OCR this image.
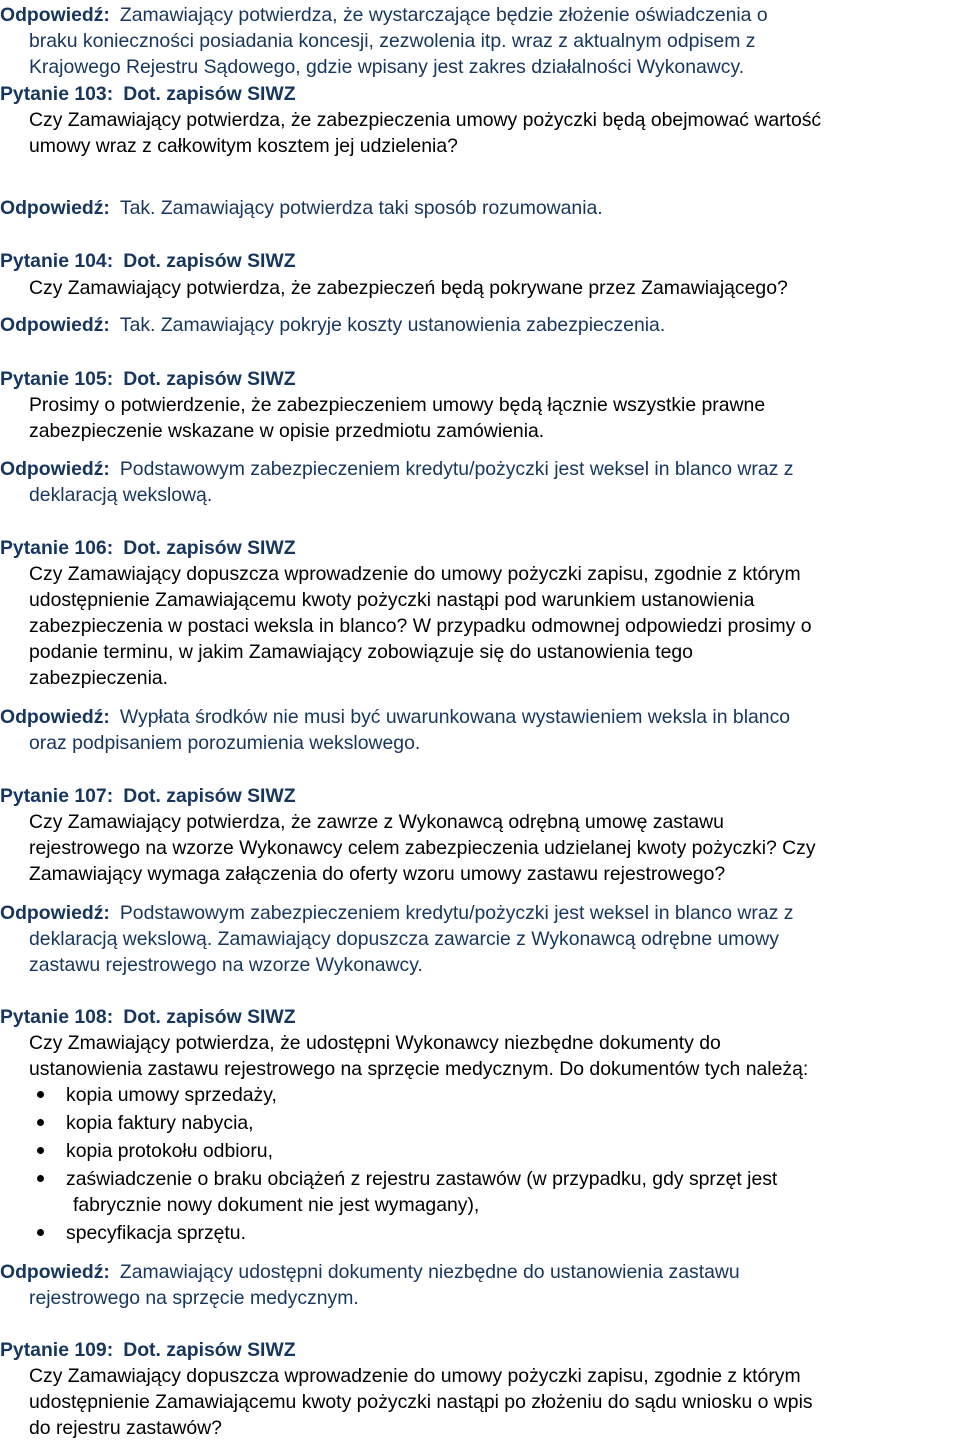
Odpowiedź: Zamawiający potwierdza, że wystarczające będzie złożenie oświadczenia o
braku konieczności posiadania koncesji, zezwolenia itp. wraz z aktualnym odpisem z
Krajowego Rejestru Sądowego, gdzie wpisany jest zakres działalności Wykonawcy.
Pytanie 103: Dot. zapisów SIWZ
Czy Zamawiający potwierdza, że zabezpieczenia umowy pożyczki będą obejmować wartość
umowy wraz z całkowitym kosztem jej udzielenia?
Odpowiedź: Tak. Zamawiający potwierdza taki sposób rozumowania.
Pytanie 104: Dot. zapisów SIWZ
Czy Zamawiający potwierdza, że zabezpieczeń będą pokrywane przez Zamawiającego?
Odpowiedź: Tak. Zamawiający pokryje koszty ustanowienia zabezpieczenia.
Pytanie 105: Dot. zapisów SIWZ
Prosimy o potwierdzenie, że zabezpieczeniem umowy będą łącznie wszystkie prawne
zabezpieczenie wskazane w opisie przedmiotu zamówienia.
Odpowiedź: Podstawowym zabezpieczeniem kredytu/pożyczki jest weksel in blanco wraz z
deklaracją wekslową.
Pytanie 106: Dot. zapisów SIWZ
Czy Zamawiający dopuszcza wprowadzenie do umowy pożyczki zapisu, zgodnie z którym
udostępnienie Zamawiającemu kwoty pożyczki nastąpi pod warunkiem ustanowienia
zabezpieczenia w postaci weksla in blanco? W przypadku odmownej odpowiedzi prosimy o
podanie terminu, w jakim Zamawiający zobowiązuje się do ustanowienia tego
zabezpieczenia.
Odpowiedź: Wypłata środków nie musi być uwarunkowana wystawieniem weksla in blanco
oraz podpisaniem porozumienia wekslowego.
Pytanie 107: Dot. zapisów SIWZ
Czy Zamawiający potwierdza, że zawrze z Wykonawcą odrębną umowę zastawu
rejestrowego na wzorze Wykonawcy celem zabezpieczenia udzielanej kwoty pożyczki? Czy
Zamawiający wymaga załączenia do oferty wzoru umowy zastawu rejestrowego?
Odpowiedź: Podstawowym zabezpieczeniem kredytu/pożyczki jest weksel in blanco wraz z
deklaracją wekslową. Zamawiający dopuszcza zawarcie z Wykonawcą odrębne umowy
zastawu rejestrowego na wzorze Wykonawcy.
Pytanie 108: Dot. zapisów SIWZ
Czy Zmawiający potwierdza, że udostępni Wykonawcy niezbędne dokumenty do
ustanowienia zastawu rejestrowego na sprzęcie medycznym. Do dokumentów tych należą:
kopia umowy sprzedaży,
kopia faktury nabycia,
kopia protokołu odbioru,
zaświadczenie o braku obciążeń z rejestru zastawów (w przypadku, gdy sprzęt jest
fabrycznie nowy dokument nie jest wymagany),
specyfikacja sprzętu.
Odpowiedź: Zamawiający udostępni dokumenty niezbędne do ustanowienia zastawu
rejestrowego na sprzęcie medycznym.
Pytanie 109: Dot. zapisów SIWZ
Czy Zamawiający dopuszcza wprowadzenie do umowy pożyczki zapisu, zgodnie z którym
udostępnienie Zamawiającemu kwoty pożyczki nastąpi po złożeniu do sądu wniosku o wpis
do rejestru zastawów?
